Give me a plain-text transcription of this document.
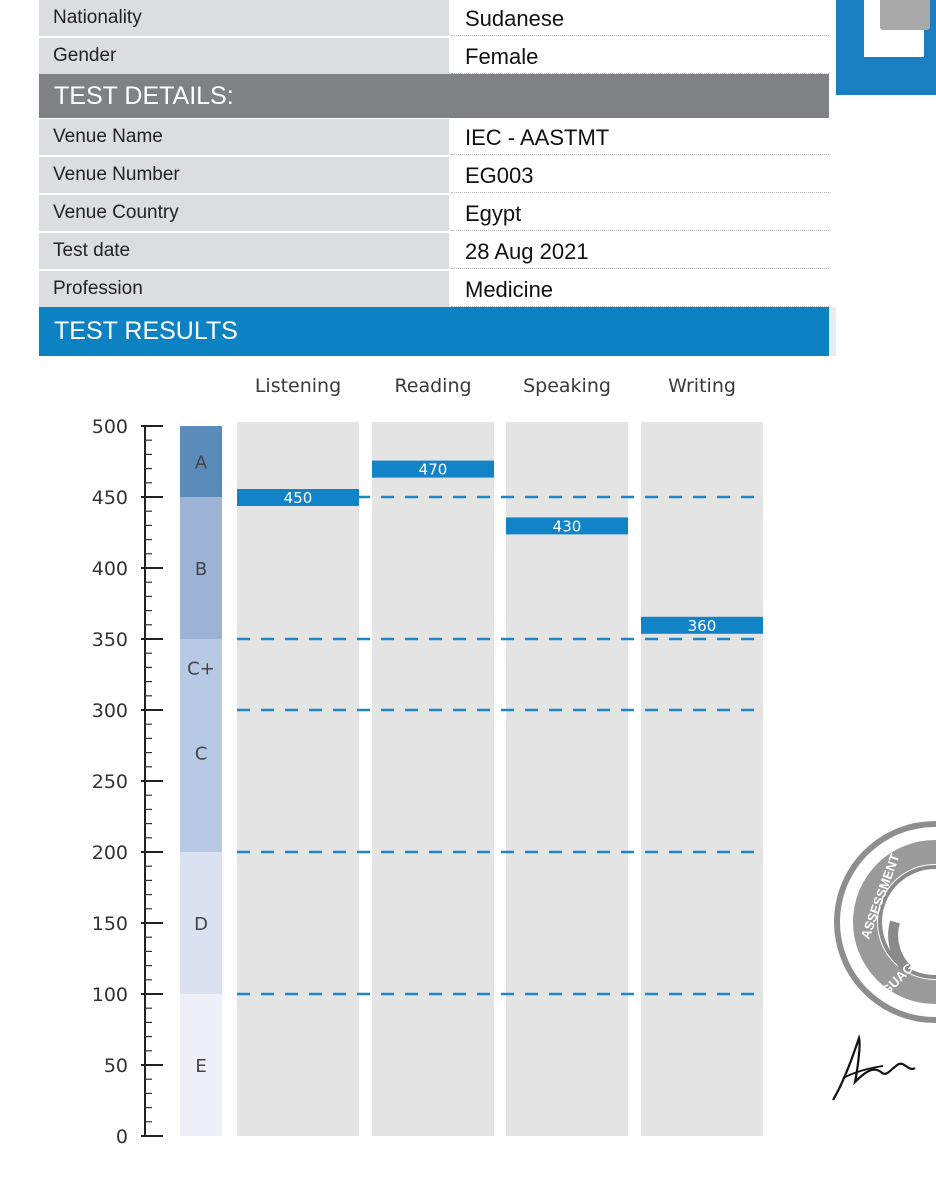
Nationality	Sudanese
Gender	Female
TEST DETAILS:
Venue Name	IEC - AASTMT
Venue Number	EG003
Venue Country	Egypt
Test date	28 Aug 2021
Profession	Medicine
TEST RESULTS
Listening	Reading	Speaking	Writing
A
B
C+
C
D
E
0
50
100
150
200
250
300
350
400
450
500
450
470
430
360
ASSESSMENT
GUAGE
